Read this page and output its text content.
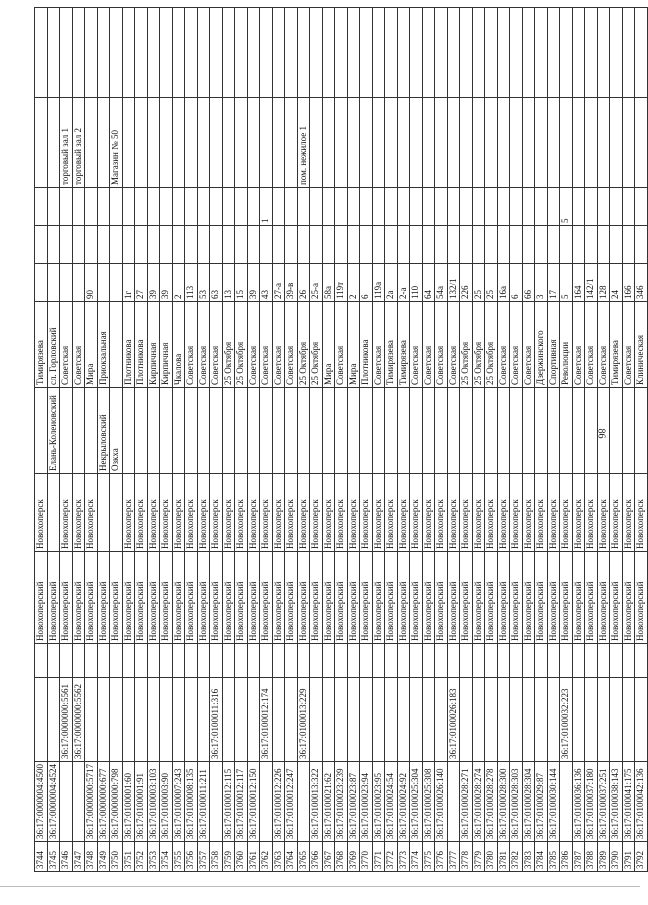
86
3744	36:17:0000004:4500			Новохоперский	Новохоперск		Тимирязева					
3745	36:17:0000004:4524			Новохоперский		Елань-Колеиовский	сл. Горловский					
3746		36:17:0000000:5561		Новохоперский	Новохоперск		Советская				торговый зал 1	
3747		36:17:0000000:5562		Новохоперский	Новохоперск		Советская				торговый зал 2	
3748	36:17:0000000:5717			Новохоперский	Новохоперск		Мира	90				
3749	36:17:0000000:677			Новохоперский		Некрыловский	Приокзальная					
3750	36:17:0000000:798			Новохоперский		Озкха					Магазин № 50	
3751	36:17:0100001:60			Новохоперский	Новохоперск		Плотникова	1г				
3752	36:17:0100001:91			Новохоперский	Новохоперск		Плотникова	27				
3753	36:17:0100003:103			Новохоперский	Новохоперск		Кирпичная	39				
3754	36:17:0100003:90			Новохоперский	Новохоперск		Кирпичная	39				
3755	36:17:0100007:243			Новохоперский	Новохоперск		Чкалова	2				
3756	36:17:0100008:135			Новохоперский	Новохоперск		Советская	113				
3757	36:17:0100011:211			Новохоперский	Новохоперск		Советская	53				
3758		36:17:0100011:316		Новохоперский	Новохоперск		Советская	63				
3759	36:17:0100012:115			Новохоперский	Новохоперск		25 Октября	13				
3760	36:17:0100012:117			Новохоперский	Новохоперск		25 Октября	15				
3761	36:17:0100012:150			Новохоперский	Новохоперск		Советская	39				
3762		36:17:0100012:174		Новохоперский	Новохоперск		Советская	43		1		
3763	36:17:0100012:226			Новохоперский	Новохоперск		Советская	27-а				
3764	36:17:0100012:247			Новохоперский	Новохоперск		Советская	39-в				
3765		36:17:0100013:229		Новохоперский	Новохоперск		25 Октября	26			пом. нежилое 1	
3766	36:17:0100013:322			Новохоперский	Новохоперск		25 Октября	25-а				
3767	36:17:0100021:62			Новохоперский	Новохоперск		Мира	58а				
3768	36:17:0100023:239			Новохоперский	Новохоперск		Советская	119т				
3769	36:17:0100023:87			Новохоперский	Новохоперск		Мира	2				
3770	36:17:0100023:94			Новохоперский	Новохоперск		Плотникова	6				
3771	36:17:0100023:95			Новохоперский	Новохоперск		Советская	119а				
3772	36:17:0100024:54			Новохоперский	Новохоперск		Тимирязева	2а				
3773	36:17:0100024:92			Новохоперский	Новохоперск		Тимирязева	2-а				
3774	36:17:0100025:304			Новохоперский	Новохоперск		Советская	110				
3775	36:17:0100025:308			Новохоперский	Новохоперск		Советская	64				
3776	36:17:0100026:140			Новохоперский	Новохоперск		Советская	54а				
3777		36:17:0100026:183		Новохоперский	Новохоперск		Советская	132/1				
3778	36:17:0100028:271			Новохоперский	Новохоперск		25 Октября	226				
3779	36:17:0100028:274			Новохоперский	Новохоперск		25 Октября	25				
3780	36:17:0100028:278			Новохоперский	Новохоперск		25 Октября	25				
3781	36:17:0100028:300			Новохоперский	Новохоперск		Советская	16а				
3782	36:17:0100028:303			Новохоперский	Новохоперск		Советская	6				
3783	36:17:0100028:304			Новохоперский	Новохоперск		Советская	66				
3784	36:17:0100029:87			Новохоперский	Новохоперск		Дзержинского	3				
3785	36:17:0100030:144			Новохоперский	Новохоперск		Спортивная	17				
3786		36:17:0100032:223		Новохоперский	Новохоперск		Революции	5		5		
3787	36:17:0100036:136			Новохоперский	Новохоперск		Советская	164				
3788	36:17:0100037:180			Новохоперский	Новохоперск		Советская	142/1				
3789	36:17:0100037:251			Новохоперский	Новохоперск		Советская	128				
3790	36:17:0100038:143			Новохоперский	Новохоперск		Тимирязева	24				
3791	36:17:0100041:175			Новохоперский	Новохоперск		Советская	166				
3792	36:17:0100042:136			Новохоперский	Новохоперск		Клиническая	346				
